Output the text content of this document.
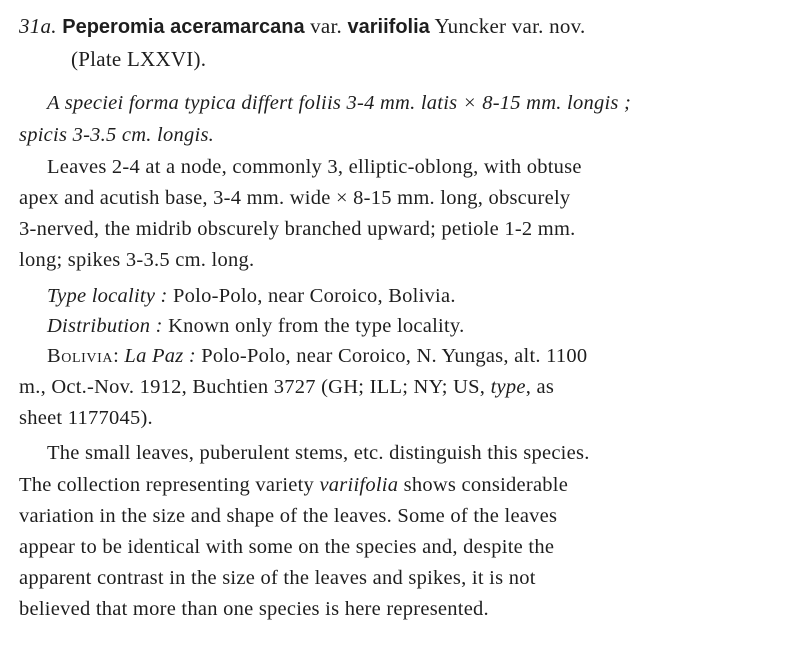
31a. Peperomia aceramarcana var. variifolia Yuncker var. nov.
(Plate LXXVI).
A speciei forma typica differt foliis 3-4 mm. latis × 8-15 mm. longis ;
spicis 3-3.5 cm. longis.
Leaves 2-4 at a node, commonly 3, elliptic-oblong, with obtuse
apex and acutish base, 3-4 mm. wide × 8-15 mm. long, obscurely
3-nerved, the midrib obscurely branched upward; petiole 1-2 mm.
long; spikes 3-3.5 cm. long.
Type locality : Polo-Polo, near Coroico, Bolivia.
Distribution : Known only from the type locality.
Bolivia: La Paz : Polo-Polo, near Coroico, N. Yungas, alt. 1100
m., Oct.-Nov. 1912, Buchtien 3727 (GH; ILL; NY; US, type, as
sheet 1177045).
The small leaves, puberulent stems, etc. distinguish this species.
The collection representing variety variifolia shows considerable
variation in the size and shape of the leaves. Some of the leaves
appear to be identical with some on the species and, despite the
apparent contrast in the size of the leaves and spikes, it is not
believed that more than one species is here represented.
